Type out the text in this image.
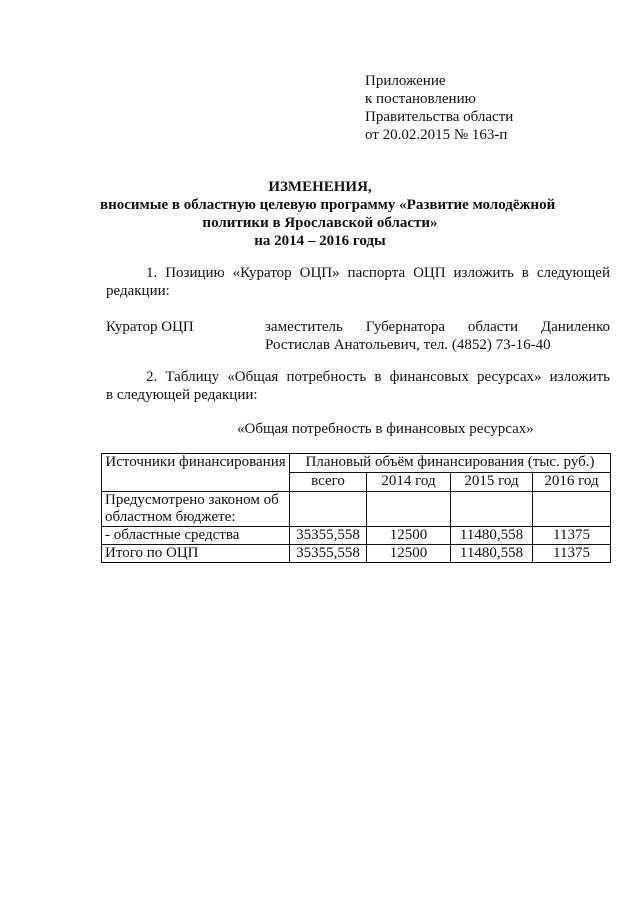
Приложение
к постановлению
Правительства области
от 20.02.2015 № 163-п
ИЗМЕНЕНИЯ,
вносимые в областную целевую программу «Развитие молодёжной
политики в Ярославской области»
на 2014 – 2016 годы
1. Позицию «Куратор ОЦП» паспорта ОЦП изложить в следующей
редакции:
Куратор ОЦП	заместитель Губернатора области Даниленко
Ростислав Анатольевич, тел. (4852) 73-16-40
2. Таблицу «Общая потребность в финансовых ресурсах» изложить
в следующей редакции:
«Общая потребность в финансовых ресурсах»
Источники финансирования	Плановый объём финансирования (тыс. руб.)			
	всего	2014 год	2015 год	2016 год
Предусмотрено законом об областном бюджете:				
- областные средства	35355,558	12500	11480,558	11375
Итого по ОЦП	35355,558	12500	11480,558	11375
